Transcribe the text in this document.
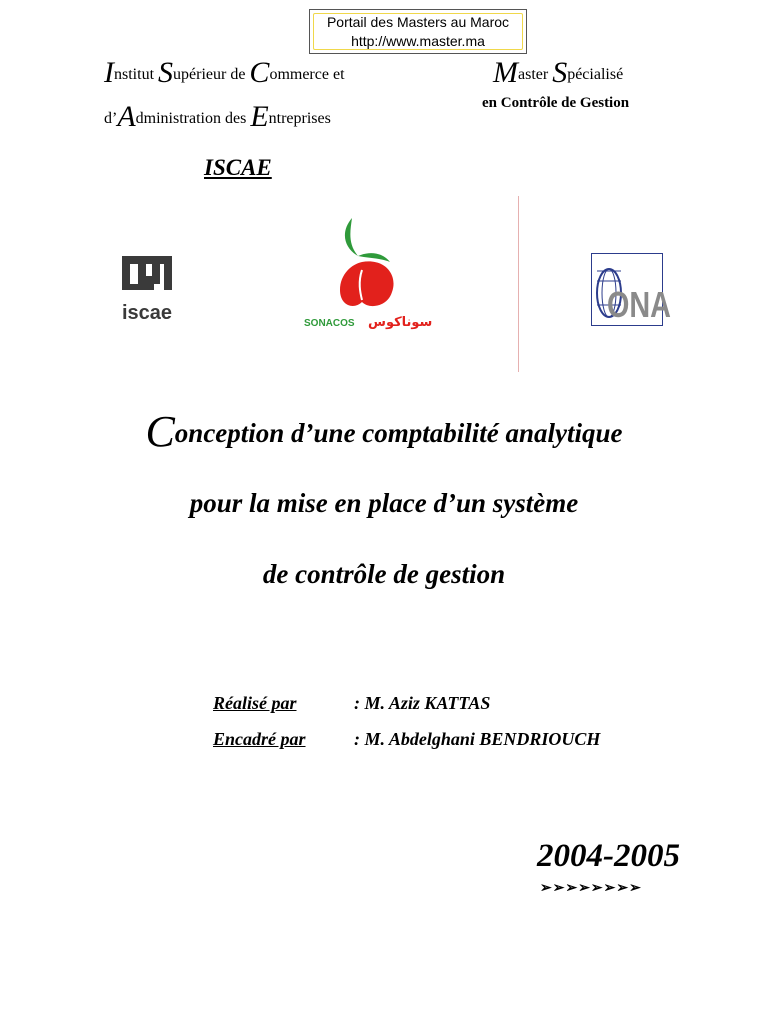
Portail des Masters au Maroc
http://www.master.ma
Institut Supérieur de Commerce et
d’Administration des Entreprises
ISCAE
Master Spécialisé
en Contrôle de Gestion
iscae	SONACOS سوناكوس	ONA
Conception d’une comptabilité analytique
pour la mise en place d’un système
de contrôle de gestion
Réalisé par	: M. Aziz KATTAS
Encadré par	: M. Abdelghani BENDRIOUCH
2004-2005
➢➢➢➢➢➢➢➢
